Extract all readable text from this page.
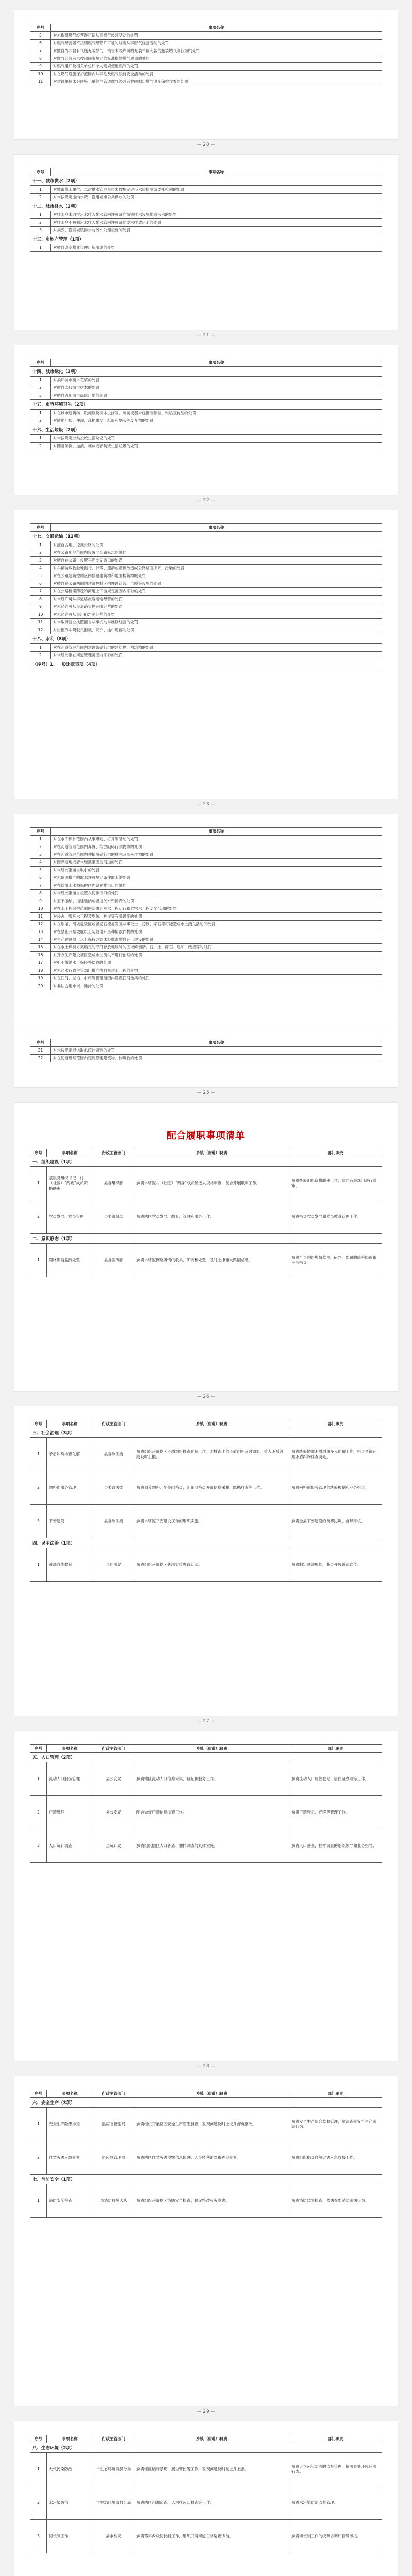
序号	事项名称
5	对未取得燃气经营许可证从事燃气经营活动的处罚
6	对燃气经营者不按照燃气经营许可证的规定从事燃气经营活动的处罚
7	对擅自为非自有气瓶充装燃气，销售未经许可的充装单位充装的瓶装燃气等行为的处罚
8	对燃气经营者未按照国家规定的标准提供燃气质量的处罚
9	对燃气用户及相关单位和个人违规使用燃气的处罚
10	对在燃气设施保护范围内从事危及燃气设施安全活动的处罚
11	对建设单位未会同施工单位与管道燃气经营者共同制定燃气设施保护方案的处罚
— 20 —
序号	事项名称
十一、城市供水（2项）	
1	对城市供水单位、二次供水管理单位未按规定进行水质检测或委托检测的处罚
2	对未按规定缴纳水费、盗用城市公共供水的处罚
十二、城市排水（3项）	
1	对排水户未取得污水排入排水管网许可证向城镇排水设施排放污水的处罚
2	对排水户不按照污水排入排水管网许可证的要求排放污水的处罚
3	对损毁、盗窃城镇排水与污水处理设施的处罚
十三、房地产管理（1项）	
1	对擅自改变物业管理用房用途的处罚
— 21 —
序号	事项名称
十四、城市绿化（3项）	
1	对损坏城市树木花草的处罚
2	对擅自砍伐城市树木的处罚
3	对擅自占用城市绿化用地的处罚
十五、市容环境卫生（2项）	
1	对在城市建筑物、设施以及树木上涂写、刻画或者未经批准张挂、张贴宣传品的处罚
2	对随地吐痰、便溺，乱扔果皮、纸屑和烟头等废弃物的处罚
十六、生活垃圾（2项）	
1	对未按规定分类投放生活垃圾的处罚
2	对随意倾倒、抛洒、堆放或者焚烧生活垃圾的处罚
— 22 —
序号	事项名称
十七、交通运输（12项）	
1	对擅自占用、挖掘公路的处罚
2	对在公路用地范围内设置非公路标志的处罚
3	对擅自在公路上设置平面交叉道口的处罚
4	对车辆装载物触地拖行、掉落、遗洒或者飘散造成公路路面损坏、污染的处罚
5	对在公路建筑控制区内修建建筑物和地面构筑物的处罚
6	对擅自在公路两侧的建筑控制区内埋设管线、电缆等设施的处罚
7	对在公路桥梁跨越的河道上下游规定范围内采砂的处罚
8	对未经许可从事道路旅客运输经营的处罚
9	对未经许可从事道路货物运输经营的处罚
10	对未经许可从事出租汽车经营的处罚
11	对未取得营业执照擅自从事机动车维修经营的处罚
12	对出租汽车驾驶员拒载、议价、途中甩客的处罚
十八、水利（8项）	
1	对在河道管理范围内建设妨碍行洪的建筑物、构筑物的处罚
2	对未经批准在河道管理范围内采砂的处罚
（序号）1、一般违章事项（4项）	
— 23 —
序号	事项名称
1	对在水库保护范围内从事爆破、打井等活动的处罚
2	对在河道管理范围内弃置、堆放阻碍行洪物体的处罚
3	对在河道管理范围内种植阻碍行洪的林木及高秆作物的处罚
4	对围湖造地或者未经批准围垦河道的处罚
5	对未经批准擅自取水的处罚
6	对未依照批准的取水许可规定条件取水的处罚
7	对在饮用水水源保护区内设置排污口的处罚
8	对未经批准擅自设置入河排污口的处罚
9	对拒不缴纳、拖延缴纳或者拖欠水资源费的处罚
10	对在水工程保护范围内从事影响水工程运行和危害水工程安全活动的处罚
11	对侵占、毁坏水工程及堤防、护岸等有关设施的处罚
12	对在崩塌、滑坡危险区或者泥石流易发区从事取土、挖砂、采石等可能造成水土流失活动的处罚
13	对在禁止开垦坡度以上陡坡地开垦种植农作物的处罚
14	对生产建设项目水土保持方案未经批准擅自开工建设的处罚
15	对在水土保持方案确定的专门存放地以外的区域倾倒砂、石、土、矸石、尾矿、废渣等的处罚
16	对开办生产建设项目造成水土流失不进行治理的处罚
17	对拒不缴纳水土保持补偿费的处罚
18	对未经水行政主管部门批准擅自修建水工程的处罚
19	对在江河、湖泊、水库等管理范围内设置拦河渔具的处罚
20	对非法占用水域、滩涂的处罚
序号	事项名称
21	对未按规定报送取水统计资料的处罚
22	对在河道管理范围内违规修建建筑物、构筑物的处罚
— 25 —
配合履职事项清单
序号	事项名称	行政主管部门	乡镇（街道）职责	部门职责
一、组织建设（1项）				
1	基层党组织书记、村（社区）“两委”成员资格联审	县委组织部	负责本辖区村（社区）“两委”成员候选人资格审查，配合开展联审工作。	负责统筹组织资格联审工作，会同有关部门进行联审。
2	党员发展、党员管理	县委组织部	负责辖区党员发展、教育、管理和服务工作。	负责指导党员发展和党员教育管理工作。
二、意识形态（1项）				
1	网络舆情监测处置	县委宣传部	负责本辖区网络舆情的收集、研判和处置，及时上报重大舆情信息。	负责全县网络舆情监测、研判、处置的统筹协调和业务指导。
— 26 —
序号	事项名称	行政主管部门	乡镇（街道）职责	部门职责
三、社会治理（3项）				
1	矛盾纠纷排查化解	县委政法委	负责组织开展辖区矛盾纠纷排查化解工作，对排查出的矛盾纠纷及时调处，重大矛盾纠纷及时上报。	负责统筹协调矛盾纠纷多元化解工作，指导乡镇开展矛盾纠纷排查调处。
2	网格化服务管理	县委政法委	负责划分网格、配备网格员，组织网格员开展信息采集、隐患排查等工作。	负责网格化服务管理的统筹规划和业务指导。
3	平安建设	县委政法委	负责本辖区平安建设工作的组织实施。	负责全县平安建设的统筹协调、督导考核。
四、民主法治（1项）				
1	普法宣传教育	县司法局	负责组织开展辖区普法宣传教育活动。	负责制定普法规划，指导开展普法宣传。
— 27 —
序号	事项名称	行政主管部门	乡镇（街道）职责	部门职责
五、人口管理（2项）				
1	流动人口服务管理	县公安局	负责辖区流动人口信息采集、登记和服务工作。	负责流动人口居住登记、居住证办理等工作。
2	户籍管理	县公安局	配合做好户籍信息核查工作。	负责户籍登记、迁移等管理工作。
3	人口统计调查	县统计局	负责组织辖区人口普查、抽样调查的具体实施。	负责人口普查、抽样调查的组织领导和业务指导。
— 28 —
序号	事项名称	行政主管部门	乡镇（街道）职责	部门职责
六、安全生产（3项）				
1	安全生产隐患排查	县应急管理局	负责组织开展辖区安全生产隐患排查，发现问题及时上报并督促整改。	负责安全生产综合监督管理，依法查处安全生产违法行为。
2	自然灾害应急处置	县应急管理局	负责辖区自然灾害预警信息传递、人员转移避险和先期处置。	负责组织指导自然灾害应急救援工作。
七、消防安全（1项）				
1	消防安全检查	县消防救援大队	负责组织开展辖区消防安全检查，督促整改火灾隐患。	负责消防监督检查，依法查处消防违法行为。
— 29 —
序号	事项名称	行政主管部门	乡镇（街道）职责	部门职责
八、生态环境（2项）				
1	大气污染防治	市生态环境局县分局	负责辖区秸秆禁烧、扬尘管控等工作，发现问题及时制止并上报。	负责大气污染防治的监督管理，依法查处环境违法行为。
2	水污染防治	市生态环境局县分局	负责辖区河湖巡查、入河排污口排查等工作。	负责水污染防治监督管理。
3	河长制工作	县水利局	负责落实乡级河长制工作，组织开展河道日常巡查保洁。	负责河长制工作的统筹协调和督导考核。
